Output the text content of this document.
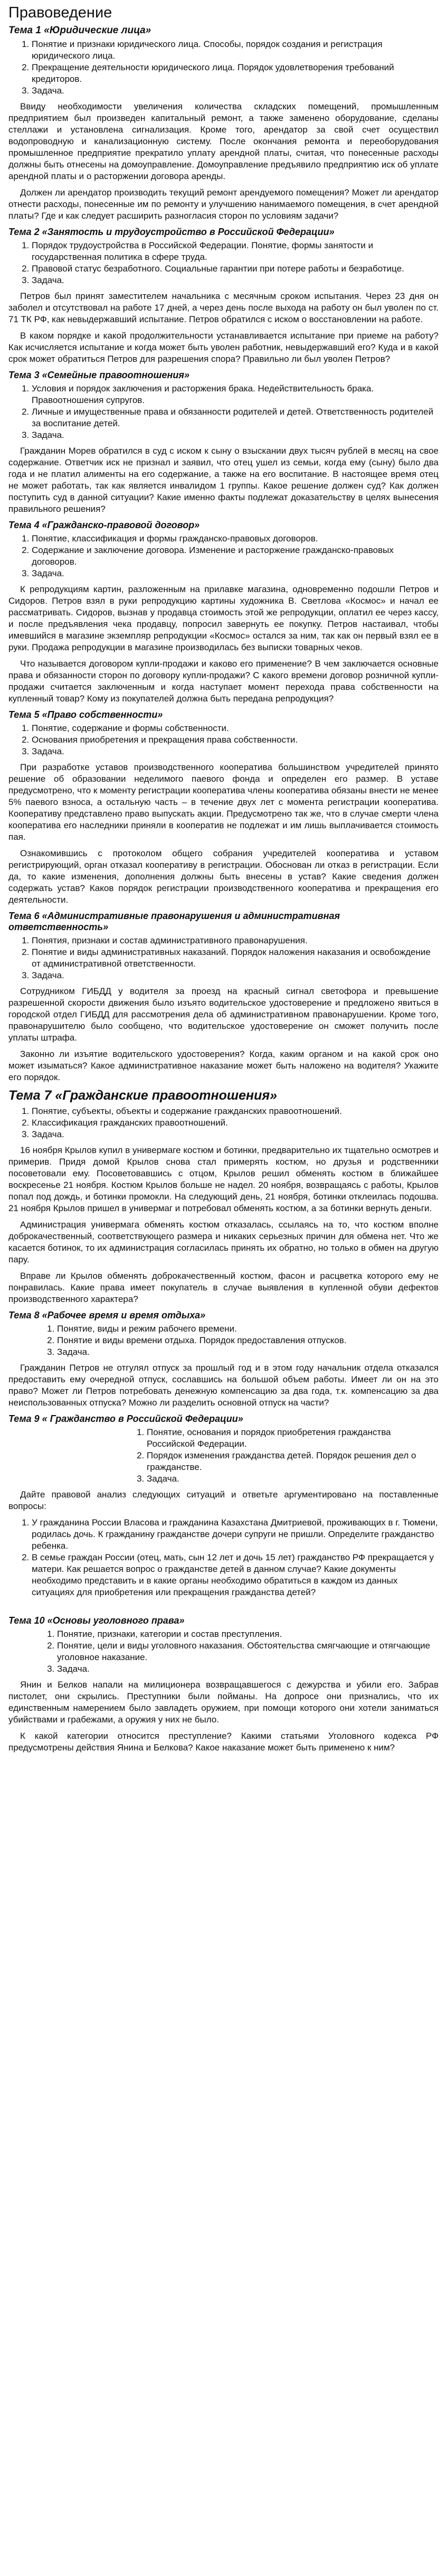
Правоведение
Тема 1 «Юридические лица»
1. Понятие и признаки юридического лица. Способы, порядок создания и регистрация юридического лица.
2. Прекращение деятельности юридического лица. Порядок удовлетворения требований кредиторов.
3. Задача.

Ввиду необходимости увеличения количества складских помещений, промышленным предприятием был произведен капитальный ремонт, а также заменено оборудование, сделаны стеллажи и установлена сигнализация. Кроме того, арендатор за свой счет осуществил водопроводную и канализационную систему. После окончания ремонта и переоборудования промышленное предприятие прекратило уплату арендной платы, считая, что понесенные расходы должны быть отнесены на домоуправление. Домоуправление предъявило предприятию иск об уплате арендной платы и о расторжении договора аренды.

Должен ли арендатор производить текущий ремонт арендуемого помещения? Может ли арендатор отнести расходы, понесенные им по ремонту и улучшению нанимаемого помещения, в счет арендной платы? Где и как следует расширить разногласия сторон по условиям задачи?

Тема 2 «Занятость и трудоустройство в Российской Федерации»
1. Порядок трудоустройства в Российской Федерации. Понятие, формы занятости и государственная политика в сфере труда.
2. Правовой статус безработного. Социальные гарантии при потере работы и безработице.
3. Задача.

Петров был принят заместителем начальника с месячным сроком испытания. Через 23 дня он заболел и отсутствовал на работе 17 дней, а через день после выхода на работу он был уволен по ст. 71 ТК РФ, как невыдержавший испытание. Петров обратился с иском о восстановлении на работе.

В каком порядке и какой продолжительности устанавливается испытание при приеме на работу? Как исчисляется испытание и когда может быть уволен работник, невыдержавший его? Куда и в какой срок может обратиться Петров для разрешения спора? Правильно ли был уволен Петров?

Тема 3 «Семейные правоотношения»
1. Условия и порядок заключения и расторжения брака. Недействительность брака. Правоотношения супругов.
2. Личные и имущественные права и обязанности родителей и детей. Ответственность родителей за воспитание детей.
3. Задача.

Гражданин Морев обратился в суд с иском к сыну о взыскании двух тысяч рублей в месяц на свое содержание. Ответчик иск не признал и заявил, что отец ушел из семьи, когда ему (сыну) было два года и не платил алименты на его содержание, а также на его воспитание. В настоящее время отец не может работать, так как является инвалидом 1 группы. Какое решение должен суд? Как должен поступить суд в данной ситуации? Какие именно факты подлежат доказательству в целях вынесения правильного решения?

Тема 4 «Гражданско-правовой договор»
1. Понятие, классификация и формы гражданско-правовых договоров.
2. Содержание и заключение договора. Изменение и расторжение гражданско-правовых договоров.
3. Задача.

К репродукциям картин, разложенным на прилавке магазина, одновременно подошли Петров и Сидоров. Петров взял в руки репродукцию картины художника В. Светлова «Космос» и начал ее рассматривать. Сидоров, вызнав у продавца стоимость этой же репродукции, оплатил ее через кассу, и после предъявления чека продавцу, попросил завернуть ее покупку. Петров настаивал, чтобы имевшийся в магазине экземпляр репродукции «Космос» остался за ним, так как он первый взял ее в руки. Продажа репродукции в магазине производилась без выписки товарных чеков.

Что называется договором купли-продажи и каково его применение? В чем заключается основные права и обязанности сторон по договору купли-продажи? С какого времени договор розничной купли-продажи считается заключенным и когда наступает момент перехода права собственности на купленный товар? Кому из покупателей должна быть передана репродукция?

Тема 5 «Право собственности»
1. Понятие, содержание и формы собственности.
2. Основания приобретения и прекращения права собственности.
3. Задача.

При разработке уставов производственного кооператива большинством учредителей принято решение об образовании неделимого паевого фонда и определен его размер. В уставе предусмотрено, что к моменту регистрации кооператива члены кооператива обязаны внести не менее 5% паевого взноса, а остальную часть – в течение двух лет с момента регистрации кооператива. Кооперативу представлено право выпускать акции. Предусмотрено так же, что в случае смерти члена кооператива его наследники приняли в кооператив не подлежат и им лишь выплачивается стоимость пая.

Ознакомившись с протоколом общего собрания учредителей кооператива и уставом регистрирующий, орган отказал кооперативу в регистрации. Обоснован ли отказ в регистрации. Если да, то какие изменения, дополнения должны быть внесены в устав? Какие сведения должен содержать устав? Каков порядок регистрации производственного кооператива и прекращения его деятельности.

Тема 6 «Административные правонарушения и административная ответственность»
1. Понятия, признаки и состав административного правонарушения.
2. Понятие и виды административных наказаний. Порядок наложения наказания и освобождение от административной ответственности.
3. Задача.

Сотрудником ГИБДД у водителя за проезд на красный сигнал светофора и превышение разрешенной скорости движения было изъято водительское удостоверение и предложено явиться в городской отдел ГИБДД для рассмотрения дела об административном правонарушении. Кроме того, правонарушителю было сообщено, что водительское удостоверение он сможет получить после уплаты штрафа.

Законно ли изъятие водительского удостоверения? Когда, каким органом и на какой срок оно может изыматься? Какое административное наказание может быть наложено на водителя? Укажите его порядок.

Тема 7 «Гражданские правоотношения»
1. Понятие, субъекты, объекты и содержание гражданских правоотношений.
2. Классификация гражданских правоотношений.
3. Задача.

16 ноября Крылов купил в универмаге костюм и ботинки, предварительно их тщательно осмотрев и примерив. Придя домой Крылов снова стал примерять костюм, но друзья и родственники посоветовали ему. Посоветовавшись с отцом, Крылов решил обменять костюм в ближайшее воскресенье 21 ноября. Костюм Крылов больше не надел. 20 ноября, возвращаясь с работы, Крылов попал под дождь, и ботинки промокли. На следующий день, 21 ноября, ботинки отклеилась подошва. 21 ноября Крылов пришел в универмаг и потребовал обменять костюм, а за ботинки вернуть деньги.

Администрация универмага обменять костюм отказалась, ссылаясь на то, что костюм вполне доброкачественный, соответствующего размера и никаких серьезных причин для обмена нет. Что же касается ботинок, то их администрация согласилась принять их обратно, но только в обмен на другую пару.

Вправе ли Крылов обменять доброкачественный костюм, фасон и расцветка которого ему не понравилась. Какие права имеет покупатель в случае выявления в купленной обуви дефектов производственного характера?

Тема 8 «Рабочее время и время отдыха»
1. Понятие, виды и режим рабочего времени.
2. Понятие и виды времени отдыха. Порядок предоставления отпусков.
3. Задача.

Гражданин Петров не отгулял отпуск за прошлый год и в этом году начальник отдела отказался предоставить ему очередной отпуск, сославшись на большой объем работы. Имеет ли он на это право? Может ли Петров потребовать денежную компенсацию за два года, т.к. компенсацию за два неиспользованных отпуска? Можно ли разделить основной отпуск на части?

Тема 9 « Гражданство в Российской Федерации»
1. Понятие, основания и порядок приобретения гражданства Российской Федерации.
2. Порядок изменения гражданства детей. Порядок решения дел о гражданстве.
3. Задача.

Дайте правовой анализ следующих ситуаций и ответьте аргументировано на поставленные вопросы:

1. У гражданина России Власова и гражданина Казахстана Дмитриевой, проживающих в г. Тюмени, родилась дочь. К гражданину гражданстве дочери супруги не пришли. Определите гражданство ребенка.
2. В семье граждан России (отец, мать, сын 12 лет и дочь 15 лет) гражданство РФ прекращается у матери. Как решается вопрос о гражданстве детей в данном случае? Какие документы необходимо представить и в какие органы необходимо обратиться в каждом из данных ситуациях для приобретения или прекращения гражданства детей?
Тема 10 «Основы уголовного права»
1. Понятие, признаки, категории и состав преступления.
2. Понятие, цели и виды уголовного наказания. Обстоятельства смягчающие и отягчающие уголовное наказание.
3. Задача.

Янин и Белков напали на милиционера возвращавшегося с дежурства и убили его. Забрав пистолет, они скрылись. Преступники были пойманы. На допросе они признались, что их единственным намерением было завладеть оружием, при помощи которого они хотели заниматься убийствами и грабежами, а оружия у них не было.

К какой категории относится преступление? Какими статьями Уголовного кодекса РФ предусмотрены действия Янина и Белкова? Какое наказание может быть применено к ним?
